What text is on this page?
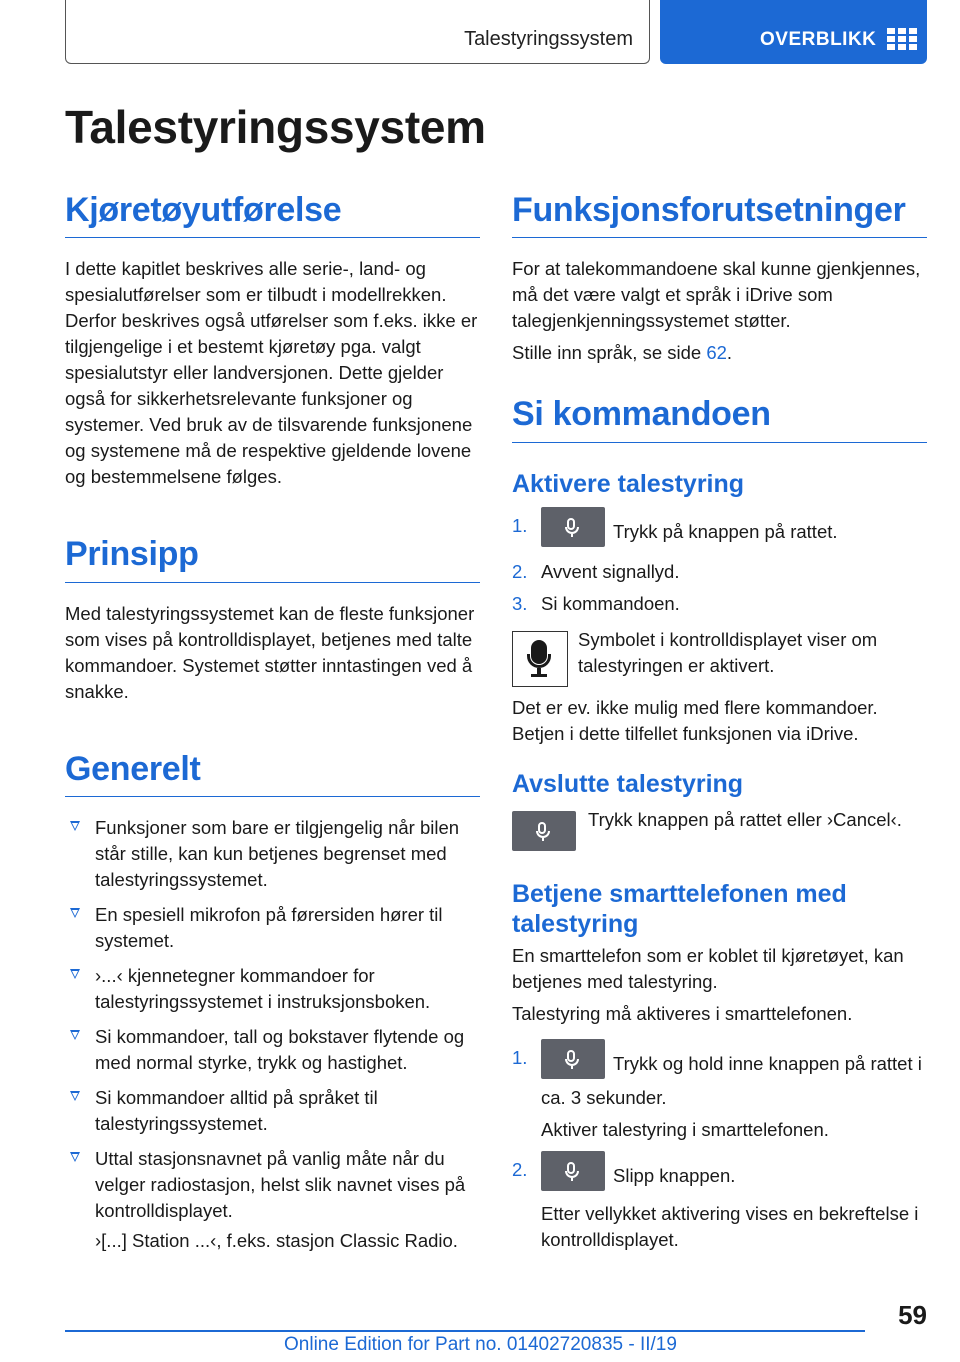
Talestyringssystem	OVERBLIKK
Talestyringssystem
Kjøretøyutførelse

I dette kapitlet beskrives alle serie-, land- og spesialutførelser som er tilbudt i modellrekken. Derfor beskrives også utførelser som f.eks. ikke er tilgjengelige i et bestemt kjøretøy pga. valgt spesialutstyr eller landversjonen. Dette gjelder også for sikkerhetsrelevante funksjoner og systemer. Ved bruk av de tilsvarende funksjonene og systemene må de respektive gjeldende lovene og bestemmelsene følges.

Prinsipp

Med talestyringssystemet kan de fleste funksjoner som vises på kontrolldisplayet, betjenes med talte kommandoer. Systemet støtter inntastingen ved å snakke.

Generelt
Funksjoner som bare er tilgjengelig når bilen står stille, kan kun betjenes begrenset med talestyringssystemet.
En spesiell mikrofon på førersiden hører til systemet.
›...‹ kjennetegner kommandoer for talestyringssystemet i instruksjonsboken.
Si kommandoer, tall og bokstaver flytende og med normal styrke, trykk og hastighet.
Si kommandoer alltid på språket til talestyringssystemet.
Uttal stasjonsnavnet på vanlig måte når du velger radiostasjon, helst slik navnet vises på kontrolldisplayet.

›[...] Station ...‹, f.eks. stasjon Classic Radio.

Funksjonsforutsetninger

For at talekommandoene skal kunne gjenkjennes, må det være valgt et språk i iDrive som talegjenkjenningssystemet støtter.

Stille inn språk, se side 62.

Si kommandoen
Aktivere talestyring
1.	Trykk på knappen på rattet.
2. Avvent signallyd.
3. Si kommandoen.

Symbolet i kontrolldisplayet viser om talestyringen er aktivert.

Det er ev. ikke mulig med flere kommandoer. Betjen i dette tilfellet funksjonen via iDrive.

Avslutte talestyring

Trykk knappen på rattet eller ›Cancel‹.

Betjene smarttelefonen med talestyring

En smarttelefon som er koblet til kjøretøyet, kan betjenes med talestyring.

Talestyring må aktiveres i smarttelefonen.

1.	Trykk og hold inne knappen på rattet i ca. 3 sekunder.

Aktiver talestyring i smarttelefonen.

2.	Slipp knappen.

Etter vellykket aktivering vises en bekreftelse i kontrolldisplayet.

59
Online Edition for Part no. 01402720835 - II/19
